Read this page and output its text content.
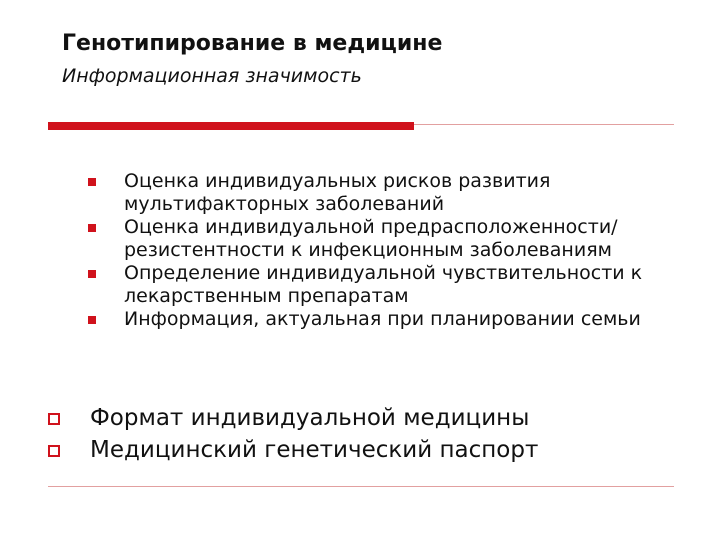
Генотипирование в медицине
Информационная значимость
Оценка индивидуальных рисков развития мультифакторных заболеваний
Оценка индивидуальной предрасположенности/резистентности к инфекционным заболеваниям
Определение индивидуальной чувствительности к лекарственным препаратам
Информация, актуальная при планировании семьи
Формат индивидуальной медицины
Медицинский генетический паспорт
